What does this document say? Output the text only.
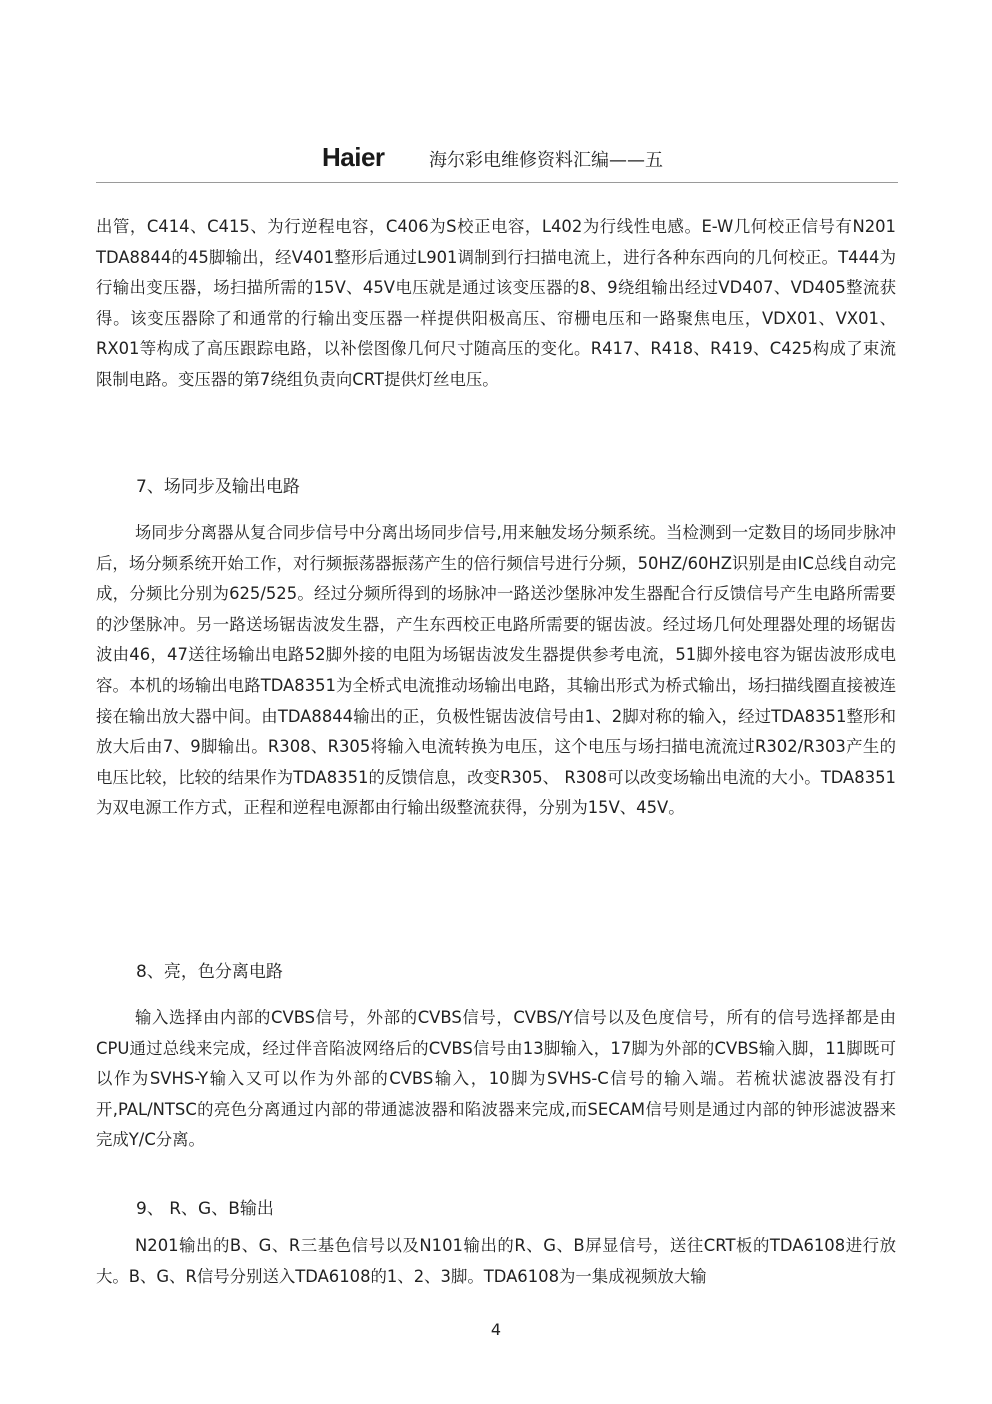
Haier 海尔彩电维修资料汇编——五

出管，C414、C415、为行逆程电容，C406为S校正电容，L402为行线性电感。E-W几何校正信号有N201 TDA8844的45脚输出，经V401整形后通过L901调制到行扫描电流上，进行各种东西向的几何校正。T444为行输出变压器，场扫描所需的15V、45V电压就是通过该变压器的8、9绕组输出经过VD407、VD405整流获得。该变压器除了和通常的行输出变压器一样提供阳极高压、帘栅电压和一路聚焦电压，VDX01、VX01、RX01等构成了高压跟踪电路，以补偿图像几何尺寸随高压的变化。R417、R418、R419、C425构成了束流限制电路。变压器的第7绕组负责向CRT提供灯丝电压。

7、场同步及输出电路

场同步分离器从复合同步信号中分离出场同步信号,用来触发场分频系统。当检测到一定数目的场同步脉冲后，场分频系统开始工作，对行频振荡器振荡产生的倍行频信号进行分频，50HZ/60HZ识别是由IC总线自动完成，分频比分别为625/525。经过分频所得到的场脉冲一路送沙堡脉冲发生器配合行反馈信号产生电路所需要的沙堡脉冲。另一路送场锯齿波发生器，产生东西校正电路所需要的锯齿波。经过场几何处理器处理的场锯齿波由46，47送往场输出电路52脚外接的电阻为场锯齿波发生器提供参考电流，51脚外接电容为锯齿波形成电容。本机的场输出电路TDA8351为全桥式电流推动场输出电路，其输出形式为桥式输出，场扫描线圈直接被连接在输出放大器中间。由TDA8844输出的正，负极性锯齿波信号由1、2脚对称的输入，经过TDA8351整形和放大后由7、9脚输出。R308、R305将输入电流转换为电压，这个电压与场扫描电流流过R302/R303产生的电压比较，比较的结果作为TDA8351的反馈信息，改变R305、 R308可以改变场输出电流的大小。TDA8351为双电源工作方式，正程和逆程电源都由行输出级整流获得，分别为15V、45V。

8、亮，色分离电路

输入选择由内部的CVBS信号，外部的CVBS信号，CVBS/Y信号以及色度信号，所有的信号选择都是由CPU通过总线来完成，经过伴音陷波网络后的CVBS信号由13脚输入，17脚为外部的CVBS输入脚，11脚既可以作为SVHS-Y输入又可以作为外部的CVBS输入，10脚为SVHS-C信号的输入端。若梳状滤波器没有打开,PAL/NTSC的亮色分离通过内部的带通滤波器和陷波器来完成,而SECAM信号则是通过内部的钟形滤波器来完成Y/C分离。

9、 R、G、B输出

N201输出的B、G、R三基色信号以及N101输出的R、G、B屏显信号，送往CRT板的TDA6108进行放大。B、G、R信号分别送入TDA6108的1、2、3脚。TDA6108为一集成视频放大输

4
